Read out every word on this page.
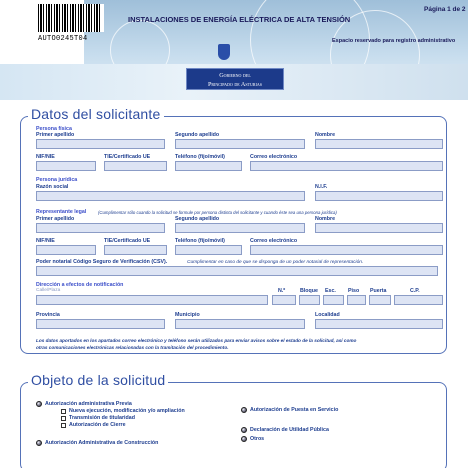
AUTO0245T04
INSTALACIONES DE ENERGÍA ELÉCTRICA DE ALTA TENSIÓN
Página 1 de 2
Espacio reservado para registro administrativo
Gobierno del
Principado de Asturias
Datos del solicitante
Persona física
Primer apellido	Segundo apellido	Nombre
NIF/NIE	TIE/Certificado UE	Teléfono (fijo/móvil)	Correo electrónico
Persona jurídica
Razón social	N.I.F.
Representante legal	(Cumplimentar sólo cuando la solicitud se formule por persona distinta del solicitante y cuando éste sea una persona jurídica)
Primer apellido	Segundo apellido	Nombre
NIF/NIE	TIE/Certificado UE	Teléfono (fijo/móvil)	Correo electrónico
Poder notarial Código Seguro de Verificación (CSV).	Cumplimentar en caso de que se disponga de un poder notarial de representación.
Dirección a efectos de notificación
Calle/Plaza	N.º	Bloque Esc. Piso Puerta	C.P.
Provincia	Municipio	Localidad
Los datos aportados en los apartados correo electrónico y teléfono serán utilizados para enviar avisos sobre el estado de la solicitud, así como
otras comunicaciones electrónicas relacionadas con la tramitación del procedimiento.
Objeto de la solicitud
Autorización administrativa Previa
Nueva ejecución, modificación y/o ampliación
Transmisión de titularidad
Autorización de Cierre
Autorización Administrativa de Construcción
Autorización de Puesta en Servicio
Declaración de Utilidad Pública
Otros
